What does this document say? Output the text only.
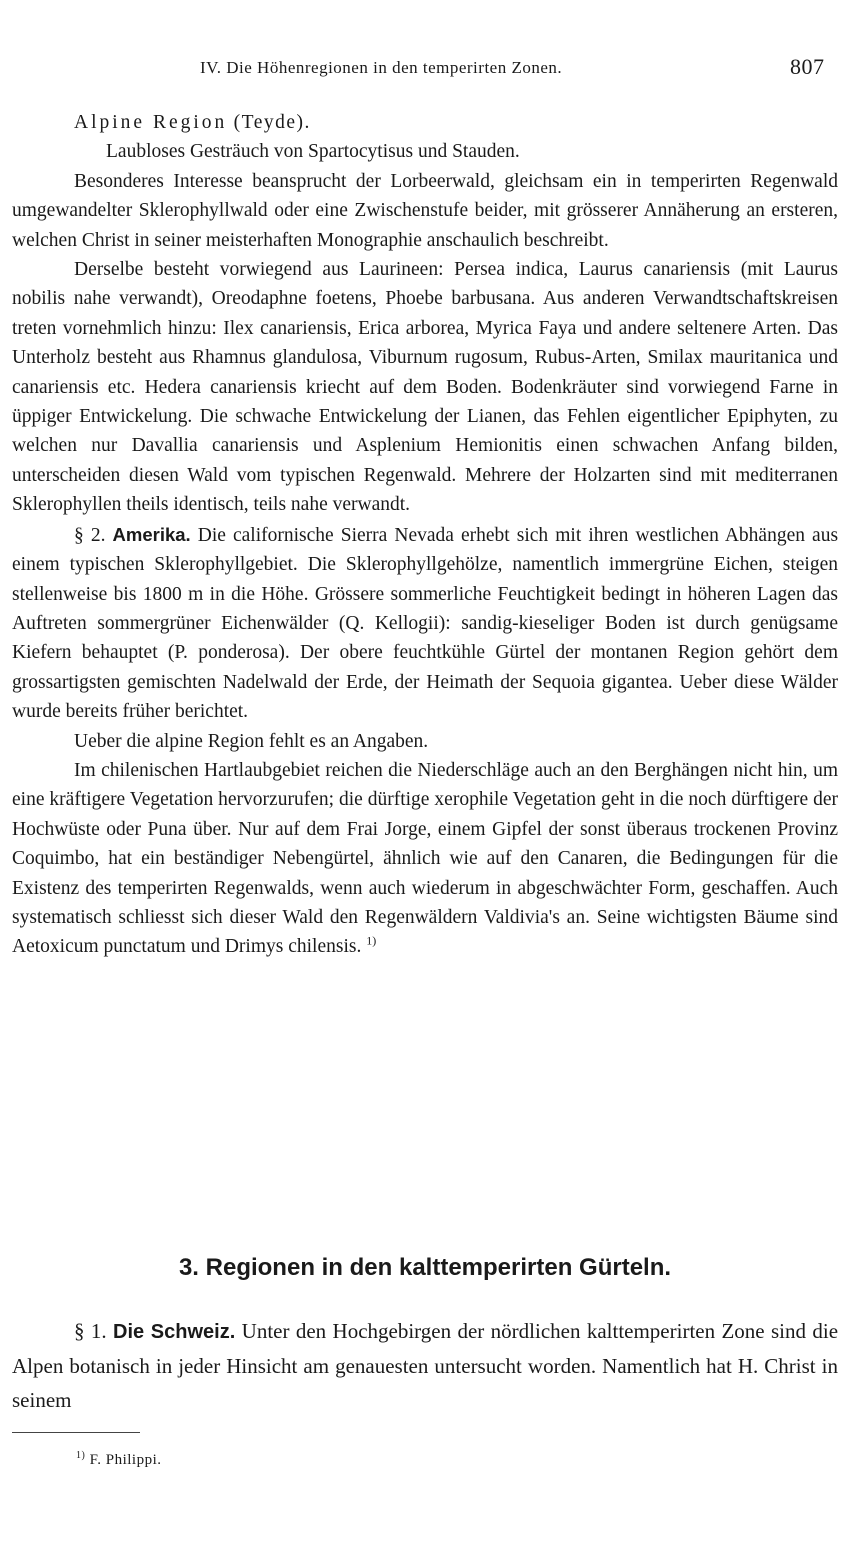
IV. Die Höhenregionen in den temperirten Zonen.	807
Alpine Region (Teyde).
Laubloses Gesträuch von Spartocytisus und Stauden.

Besonderes Interesse beansprucht der Lorbeerwald, gleichsam ein in temperirten Regenwald umgewandelter Sklerophyllwald oder eine Zwischenstufe beider, mit grösserer Annäherung an ersteren, welchen Christ in seiner meisterhaften Monographie anschaulich beschreibt.

Derselbe besteht vorwiegend aus Laurineen: Persea indica, Laurus canariensis (mit Laurus nobilis nahe verwandt), Oreodaphne foetens, Phoebe barbusana. Aus anderen Verwandtschaftskreisen treten vornehmlich hinzu: Ilex canariensis, Erica arborea, Myrica Faya und andere seltenere Arten. Das Unterholz besteht aus Rhamnus glandulosa, Viburnum rugosum, Rubus-Arten, Smilax mauritanica und canariensis etc. Hedera canariensis kriecht auf dem Boden. Bodenkräuter sind vorwiegend Farne in üppiger Entwickelung. Die schwache Entwickelung der Lianen, das Fehlen eigentlicher Epiphyten, zu welchen nur Davallia canariensis und Asplenium Hemionitis einen schwachen Anfang bilden, unterscheiden diesen Wald vom typischen Regenwald. Mehrere der Holzarten sind mit mediterranen Sklerophyllen theils identisch, teils nahe verwandt.

§ 2. Amerika. Die californische Sierra Nevada erhebt sich mit ihren westlichen Abhängen aus einem typischen Sklerophyllgebiet. Die Sklerophyllgehölze, namentlich immergrüne Eichen, steigen stellenweise bis 1800 m in die Höhe. Grössere sommerliche Feuchtigkeit bedingt in höheren Lagen das Auftreten sommergrüner Eichenwälder (Q. Kellogii): sandig-kieseliger Boden ist durch genügsame Kiefern behauptet (P. ponderosa). Der obere feuchtkühle Gürtel der montanen Region gehört dem grossartigsten gemischten Nadelwald der Erde, der Heimath der Sequoia gigantea. Ueber diese Wälder wurde bereits früher berichtet.

Ueber die alpine Region fehlt es an Angaben.

Im chilenischen Hartlaubgebiet reichen die Niederschläge auch an den Berghängen nicht hin, um eine kräftigere Vegetation hervorzurufen; die dürftige xerophile Vegetation geht in die noch dürftigere der Hochwüste oder Puna über. Nur auf dem Frai Jorge, einem Gipfel der sonst überaus trockenen Provinz Coquimbo, hat ein beständiger Nebengürtel, ähnlich wie auf den Canaren, die Bedingungen für die Existenz des temperirten Regenwalds, wenn auch wiederum in abgeschwächter Form, geschaffen. Auch systematisch schliesst sich dieser Wald den Regenwäldern Valdivia's an. Seine wichtigsten Bäume sind Aetoxicum punctatum und Drimys chilensis. $^{1)}$

3. Regionen in den kalttemperirten Gürteln.

§ 1. Die Schweiz. Unter den Hochgebirgen der nördlichen kalttemperirten Zone sind die Alpen botanisch in jeder Hinsicht am genauesten untersucht worden. Namentlich hat H. Christ in seinem

$^{1)}$ F. Philippi.
